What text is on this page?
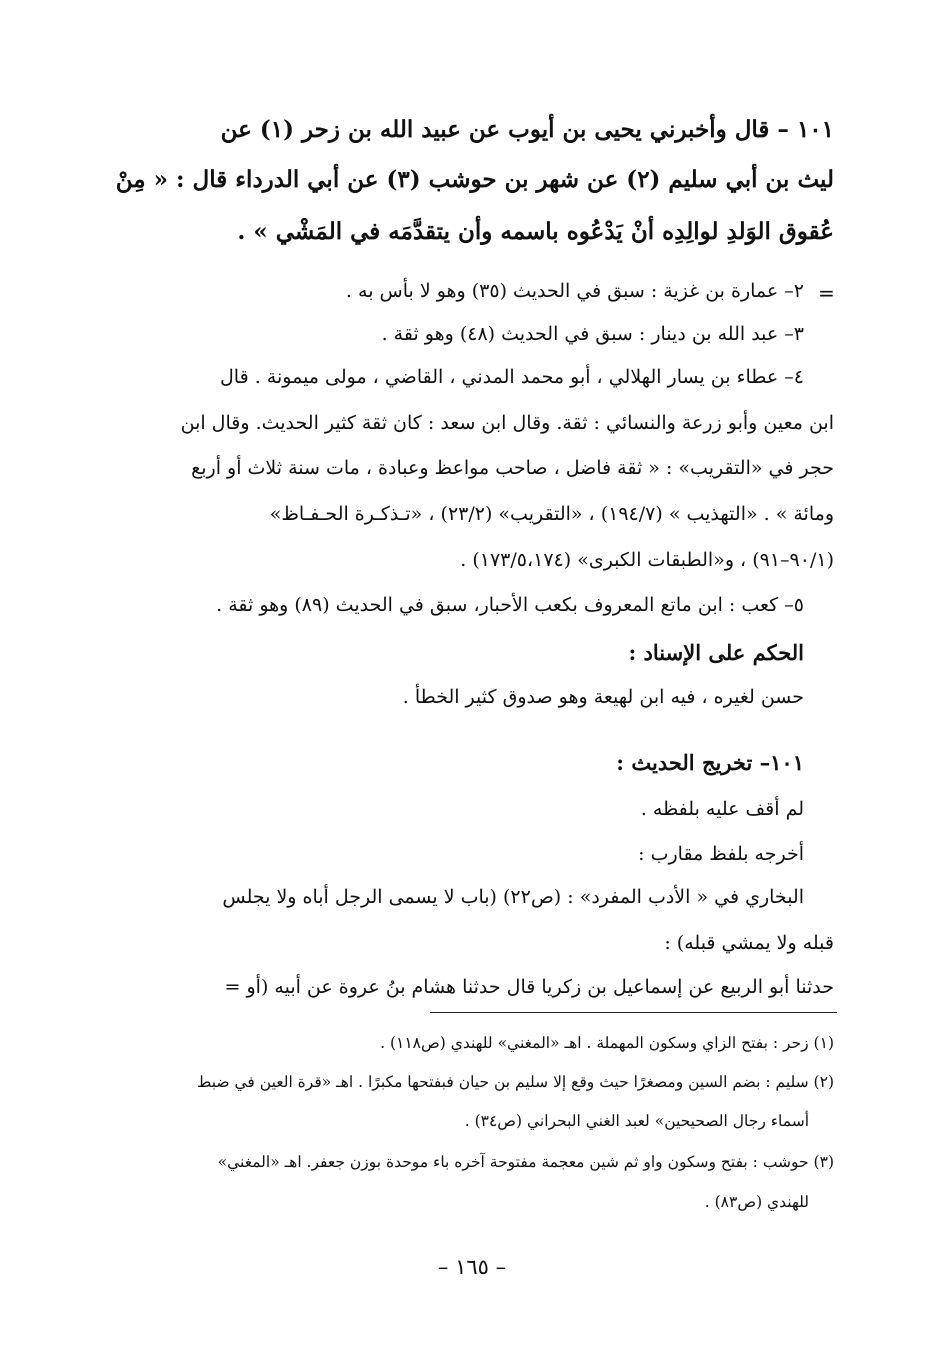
١٠١ – قال وأخبرني يحيى بن أيوب عن عبيد الله بن زحر (١) عن
ليث بن أبي سليم (٢) عن شهر بن حوشب (٣) عن أبي الدرداء قال : « مِنْ
عُقوق الوَلدِ لوالِدِه أنْ يَدْعُوه باسمه وأن يتقدَّمَه في المَشْي » .
=
٢– عمارة بن غزية : سبق في الحديث (٣٥) وهو لا بأس به .
٣– عبد الله بن دينار : سبق في الحديث (٤٨) وهو ثقة .
٤– عطاء بن يسار الهلالي ، أبو محمد المدني ، القاضي ، مولى ميمونة . قال
ابن معين وأبو زرعة والنسائي : ثقة. وقال ابن سعد : كان ثقة كثير الحديث. وقال ابن
حجر في «التقريب» : « ثقة فاضل ، صاحب مواعظ وعبادة ، مات سنة ثلاث أو أربع
ومائة » . «التهذيب » (١٩٤/٧) ، «التقريب» (٢٣/٢) ، «تـذكـرة الحـفـاظ»
(٩٠/١–٩١) ، و«الطبقات الكبرى» (١٧٣/٥،١٧٤) .
٥– كعب : ابن ماتع المعروف بكعب الأحبار، سبق في الحديث (٨٩) وهو ثقة .
الحكم على الإسناد :
حسن لغيره ، فيه ابن لهيعة وهو صدوق كثير الخطأ .
١٠١– تخريج الحديث :
لم أقف عليه بلفظه .
أخرجه بلفظ مقارب :
البخاري في « الأدب المفرد» : (ص٢٢) (باب لا يسمى الرجل أباه ولا يجلس
قبله ولا يمشي قبله) :
حدثنا أبو الربيع عن إسماعيل بن زكريا قال حدثنا هشام بنُ عروة عن أبيه (أو =
(١) زحر : بفتح الزاي وسكون المهملة . اهـ «المغني» للهندي (ص١١٨) .
(٢) سليم : بضم السين ومصغرًا حيث وقع إلا سليم بن حيان فبفتحها مكبرًا . اهـ «قرة العين في ضبط
أسماء رجال الصحيحين» لعبد الغني البحراني (ص٣٤) .
(٣) حوشب : بفتح وسكون واو ثم شين معجمة مفتوحة آخره باء موحدة بوزن جعفر. اهـ «المغني»
للهندي (ص٨٣) .
– ١٦٥ –
